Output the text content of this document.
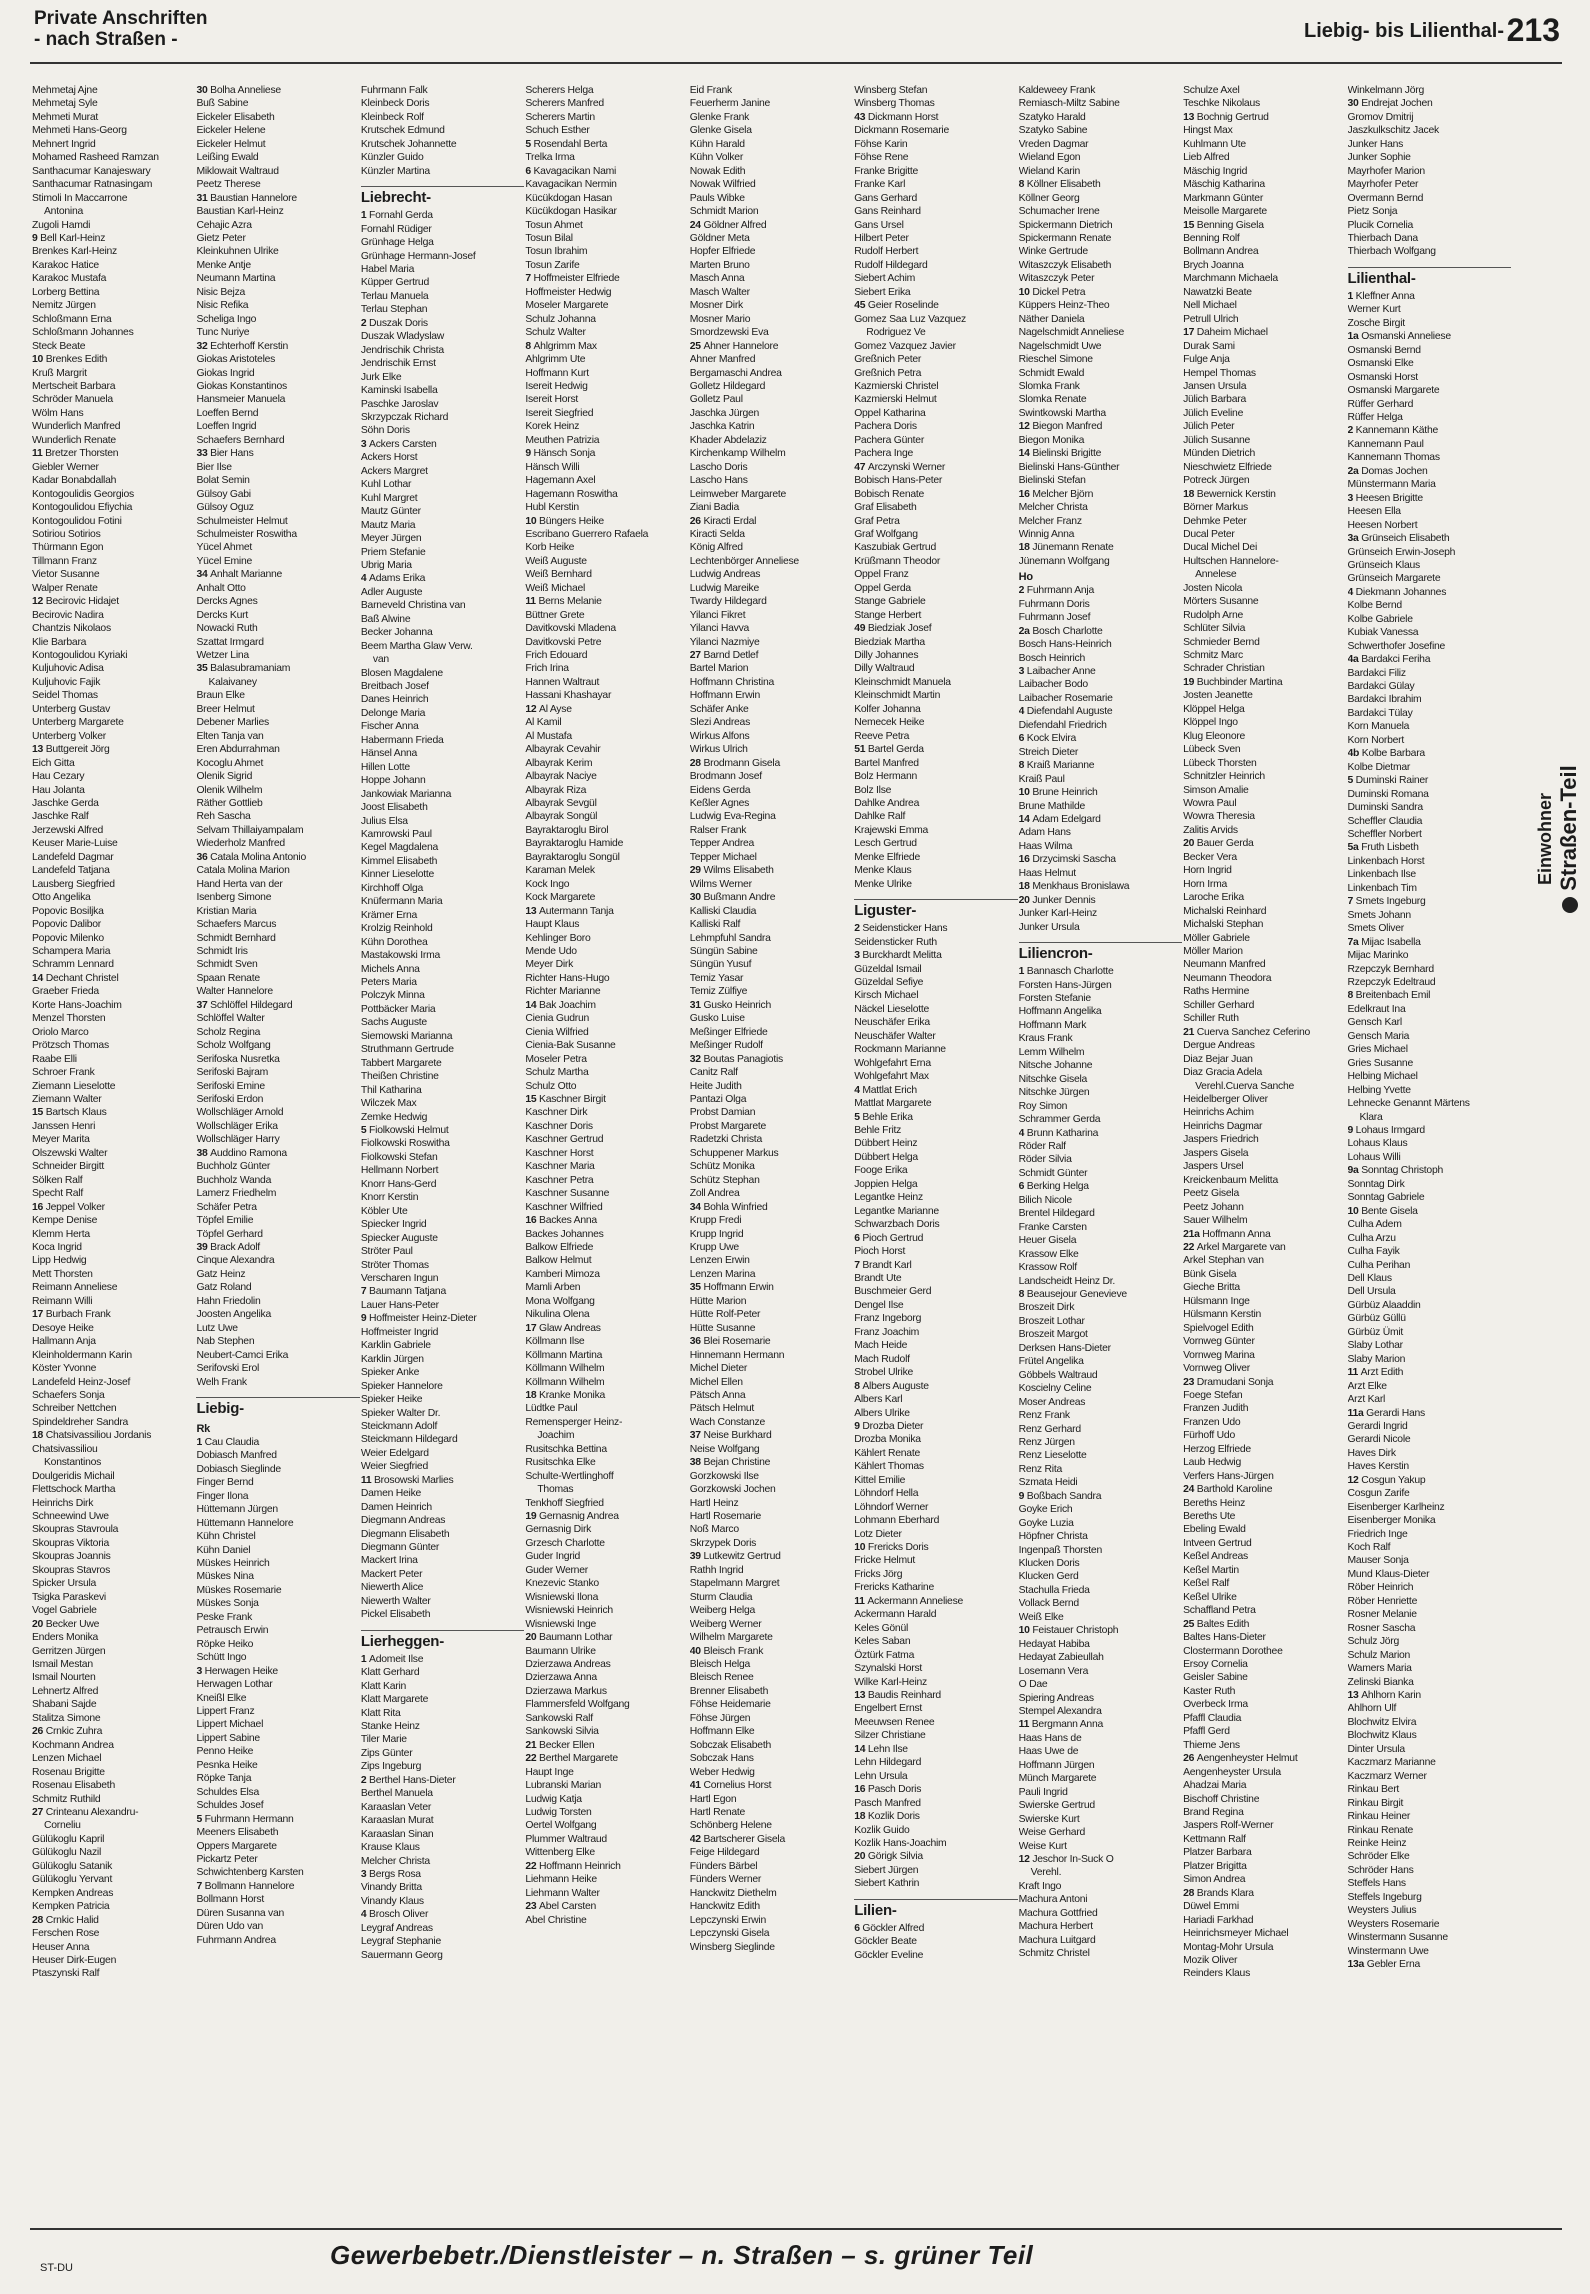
Private Anschriften
- nach Straßen -	Liebig- bis Lilienthal- 213
Mehmetaj Ajne
Mehmetaj Syle
Mehmeti Murat
Mehmeti Hans-Georg
Mehnert Ingrid
Mohamed Rasheed Ramzan
Santhacumar Kanajeswary
Santhacumar Ratnasingam
Stimoli In Maccarrone
Antonina
Zugoli Hamdi
9 Bell Karl-Heinz
Brenkes Karl-Heinz
Karakoc Hatice
Karakoc Mustafa
Lorberg Bettina
Nemitz Jürgen
Schloßmann Erna
Schloßmann Johannes
Steck Beate
10 Brenkes Edith
Kruß Margrit
Mertscheit Barbara
Schröder Manuela
Wölm Hans
Wunderlich Manfred
Wunderlich Renate
11 Bretzer Thorsten
Giebler Werner
Kadar Bonabdallah
Kontogoulidis Georgios
Kontogoulidou Efiychia
Kontogoulidou Fotini
Sotiriou Sotirios
Thürmann Egon
Tillmann Franz
Vietor Susanne
Walper Renate
12 Becirovic Hidajet
Becirovic Nadira
Chantzis Nikolaos
Klie Barbara
Kontogoulidou Kyriaki
Kuljuhovic Adisa
Kuljuhovic Fajik
Seidel Thomas
Unterberg Gustav
Unterberg Margarete
Unterberg Volker
13 Buttgereit Jörg
Eich Gitta
Hau Cezary
Hau Jolanta
Jaschke Gerda
Jaschke Ralf
Jerzewski Alfred
Keuser Marie-Luise
Landefeld Dagmar
Landefeld Tatjana
Lausberg Siegfried
Otto Angelika
Popovic Bosiljka
Popovic Dalibor
Popovic Milenko
Schampera Maria
Schramm Lennard
14 Dechant Christel
Graeber Frieda
Korte Hans-Joachim
Menzel Thorsten
Oriolo Marco
Prötzsch Thomas
Raabe Elli
Schroer Frank
Ziemann Lieselotte
Ziemann Walter
15 Bartsch Klaus
Janssen Henri
Meyer Marita
Olszewski Walter
Schneider Birgitt
Sölken Ralf
Specht Ralf
16 Jeppel Volker
Kempe Denise
Klemm Herta
Koca Ingrid
Lipp Hedwig
Mett Thorsten
Reimann Anneliese
Reimann Willi
17 Burbach Frank
Desoye Heike
Hallmann Anja
Kleinholdermann Karin
Köster Yvonne
Landefeld Heinz-Josef
Schaefers Sonja
Schreiber Nettchen
Spindeldreher Sandra
18 Chatsivassiliou Jordanis
Chatsivassiliou
Konstantinos
Doulgeridis Michail
Flettschock Martha
Heinrichs Dirk
Schneewind Uwe
Skoupras Stavroula
Skoupras Viktoria
Skoupras Joannis
Skoupras Stavros
Spicker Ursula
Tsigka Paraskevi
Vogel Gabriele
20 Becker Uwe
Enders Monika
Gerritzen Jürgen
Ismail Mestan
Ismail Nourten
Lehnertz Alfred
Shabani Sajde
Stalitza Simone
26 Crnkic Zuhra
Kochmann Andrea
Lenzen Michael
Rosenau Brigitte
Rosenau Elisabeth
Schmitz Ruthild
27 Crinteanu Alexandru-
Corneliu
Gülükoglu Kapril
Gülükoglu Nazil
Gülükoglu Satanik
Gülükoglu Yervant
Kempken Andreas
Kempken Patricia
28 Crnkic Halid
Ferschen Rose
Heuser Anna
Heuser Dirk-Eugen
Ptaszynski Ralf
30 Bolha Anneliese
Buß Sabine
Eickeler Elisabeth
Eickeler Helene
Eickeler Helmut
Leißing Ewald
Miklowait Waltraud
Peetz Therese
31 Baustian Hannelore
Baustian Karl-Heinz
Cehajic Azra
Gietz Peter
Kleinkuhnen Ulrike
Menke Antje
Neumann Martina
Nisic Bejza
Nisic Refika
Scheliga Ingo
Tunc Nuriye
32 Echterhoff Kerstin
Giokas Aristoteles
Giokas Ingrid
Giokas Konstantinos
Hansmeier Manuela
Loeffen Bernd
Loeffen Ingrid
Schaefers Bernhard
33 Bier Hans
Bier Ilse
Bolat Semin
Gülsoy Gabi
Gülsoy Oguz
Schulmeister Helmut
Schulmeister Roswitha
Yücel Ahmet
Yücel Emine
34 Anhalt Marianne
Anhalt Otto
Dercks Agnes
Dercks Kurt
Nowacki Ruth
Szattat Irmgard
Wetzer Lina
35 Balasubramaniam
Kalaivaney
Braun Elke
Breer Helmut
Debener Marlies
Elten Tanja van
Eren Abdurrahman
Kocoglu Ahmet
Olenik Sigrid
Olenik Wilhelm
Räther Gottlieb
Reh Sascha
Selvam Thillaiyampalam
Wiederholz Manfred
36 Catala Molina Antonio
Catala Molina Marion
Hand Herta van der
Isenberg Simone
Kristian Maria
Schaefers Marcus
Schmidt Bernhard
Schmidt Iris
Schmidt Sven
Spaan Renate
Walter Hannelore
37 Schlöffel Hildegard
Schlöffel Walter
Scholz Regina
Scholz Wolfgang
Serifoska Nusretka
Serifoski Bajram
Serifoski Emine
Serifoski Erdon
Wollschläger Arnold
Wollschläger Erika
Wollschläger Harry
38 Auddino Ramona
Buchholz Günter
Buchholz Wanda
Lamerz Friedhelm
Schäfer Petra
Töpfel Emilie
Töpfel Gerhard
39 Brack Adolf
Cinque Alexandra
Gatz Heinz
Gatz Roland
Hahn Friedolin
Joosten Angelika
Lutz Uwe
Nab Stephen
Neubert-Camci Erika
Serifovski Erol
Welh Frank
Liebig-
Rk
1 Cau Claudia
Dobiasch Manfred
Dobiasch Sieglinde
Finger Bernd
Finger Ilona
Hüttemann Jürgen
Hüttemann Hannelore
Kühn Christel
Kühn Daniel
Müskes Heinrich
Müskes Nina
Müskes Rosemarie
Müskes Sonja
Peske Frank
Petrausch Erwin
Röpke Heiko
Schütt Ingo
3 Herwagen Heike
Herwagen Lothar
Kneißl Elke
Lippert Franz
Lippert Michael
Lippert Sabine
Penno Heike
Pesnka Heike
Röpke Tanja
Schuldes Elsa
Schuldes Josef
5 Fuhrmann Hermann
Meeners Elisabeth
Oppers Margarete
Pickartz Peter
Schwichtenberg Karsten
7 Bollmann Hannelore
Bollmann Horst
Düren Susanna van
Düren Udo van
Fuhrmann Andrea
Fuhrmann Falk
Kleinbeck Doris
Kleinbeck Rolf
Krutschek Edmund
Krutschek Johannette
Künzler Guido
Künzler Martina
Liebrecht-
1 Fornahl Gerda
Fornahl Rüdiger
Grünhage Helga
Grünhage Hermann-Josef
Habel Maria
Küpper Gertrud
Terlau Manuela
Terlau Stephan
2 Duszak Doris
Duszak Wladyslaw
Jendrischik Christa
Jendrischik Ernst
Jurk Elke
Kaminski Isabella
Paschke Jaroslav
Skrzypczak Richard
Söhn Doris
3 Ackers Carsten
Ackers Horst
Ackers Margret
Kuhl Lothar
Kuhl Margret
Mautz Günter
Mautz Maria
Meyer Jürgen
Priem Stefanie
Ubrig Maria
4 Adams Erika
Adler Auguste
Barneveld Christina van
Baß Alwine
Becker Johanna
Beem Martha Glaw Verw.
van
Blosen Magdalene
Breitbach Josef
Danes Heinrich
Delonge Maria
Fischer Anna
Habermann Frieda
Hänsel Anna
Hillen Lotte
Hoppe Johann
Jankowiak Marianna
Joost Elisabeth
Julius Elsa
Kamrowski Paul
Kegel Magdalena
Kimmel Elisabeth
Kinner Lieselotte
Kirchhoff Olga
Knüfermann Maria
Krämer Erna
Krolzig Reinhold
Kühn Dorothea
Mastakowski Irma
Michels Anna
Peters Maria
Polczyk Minna
Pottbäcker Maria
Sachs Auguste
Siemowski Marianna
Struthmann Gertrude
Tabbert Margarete
Theißen Christine
Thil Katharina
Wilczek Max
Zemke Hedwig
5 Fiolkowski Helmut
Fiolkowski Roswitha
Fiolkowski Stefan
Hellmann Norbert
Knorr Hans-Gerd
Knorr Kerstin
Köbler Ute
Spiecker Ingrid
Spiecker Auguste
Ströter Paul
Ströter Thomas
Verscharen Ingun
7 Baumann Tatjana
Lauer Hans-Peter
9 Hoffmeister Heinz-Dieter
Hoffmeister Ingrid
Karklin Gabriele
Karklin Jürgen
Spieker Anke
Spieker Hannelore
Spieker Heike
Spieker Walter Dr.
Steickmann Adolf
Steickmann Hildegard
Weier Edelgard
Weier Siegfried
11 Brosowski Marlies
Damen Heike
Damen Heinrich
Diegmann Andreas
Diegmann Elisabeth
Diegmann Günter
Mackert Irina
Mackert Peter
Niewerth Alice
Niewerth Walter
Pickel Elisabeth
Lierheggen-
1 Adomeit Ilse
Klatt Gerhard
Klatt Karin
Klatt Margarete
Klatt Rita
Stanke Heinz
Tiler Marie
Zips Günter
Zips Ingeburg
2 Berthel Hans-Dieter
Berthel Manuela
Karaaslan Veter
Karaaslan Murat
Karaaslan Sinan
Krause Klaus
Melcher Christa
3 Bergs Rosa
Vinandy Britta
Vinandy Klaus
4 Brosch Oliver
Leygraf Andreas
Leygraf Stephanie
Sauermann Georg
Scherers Helga
Scherers Manfred
Scherers Martin
Schuch Esther
5 Rosendahl Berta
Trelka Irma
6 Kavagacikan Nami
Kavagacikan Nermin
Kücükdogan Hasan
Kücükdogan Hasikar
Tosun Ahmet
Tosun Bilal
Tosun Ibrahim
Tosun Zarife
7 Hoffmeister Elfriede
Hoffmeister Hedwig
Moseler Margarete
Schulz Johanna
Schulz Walter
8 Ahlgrimm Max
Ahlgrimm Ute
Hoffmann Kurt
Isereit Hedwig
Isereit Horst
Isereit Siegfried
Korek Heinz
Meuthen Patrizia
9 Hänsch Sonja
Hänsch Willi
Hagemann Axel
Hagemann Roswitha
Hubl Kerstin
10 Büngers Heike
Escribano Guerrero Rafaela
Korb Heike
Weiß Auguste
Weiß Bernhard
Weiß Michael
11 Berns Melanie
Büttner Grete
Davitkovski Mladena
Davitkovski Petre
Frich Edouard
Frich Irina
Hannen Waltraut
Hassani Khashayar
12 Al Ayse
Al Kamil
Al Mustafa
Albayrak Cevahir
Albayrak Kerim
Albayrak Naciye
Albayrak Riza
Albayrak Sevgül
Albayrak Songül
Bayraktaroglu Birol
Bayraktaroglu Hamide
Bayraktaroglu Songül
Karaman Melek
Kock Ingo
Kock Margarete
13 Autermann Tanja
Haupt Klaus
Kehlinger Boro
Mende Udo
Meyer Dirk
Richter Hans-Hugo
Richter Marianne
14 Bak Joachim
Cienia Gudrun
Cienia Wilfried
Cienia-Bak Susanne
Moseler Petra
Schulz Martha
Schulz Otto
15 Kaschner Birgit
Kaschner Dirk
Kaschner Doris
Kaschner Gertrud
Kaschner Horst
Kaschner Maria
Kaschner Petra
Kaschner Susanne
Kaschner Wilfried
16 Backes Anna
Backes Johannes
Balkow Elfriede
Balkow Helmut
Kamberi Mimoza
Mamli Arben
Mona Wolfgang
Nikulina Olena
17 Glaw Andreas
Köllmann Ilse
Köllmann Martina
Köllmann Wilhelm
Köllmann Wilhelm
18 Kranke Monika
Lüdtke Paul
Remensperger Heinz-
Joachim
Rusitschka Bettina
Rusitschka Elke
Schulte-Wertlinghoff
Thomas
Tenkhoff Siegfried
19 Gernasnig Andrea
Gernasnig Dirk
Grzesch Charlotte
Guder Ingrid
Guder Werner
Knezevic Stanko
Wisniewski Ilona
Wisniewski Heinrich
Wisniewski Inge
20 Baumann Lothar
Baumann Ulrike
Dzierzawa Andreas
Dzierzawa Anna
Dzierzawa Markus
Flammersfeld Wolfgang
Sankowski Ralf
Sankowski Silvia
21 Becker Ellen
22 Berthel Margarete
Haupt Inge
Lubranski Marian
Ludwig Katja
Ludwig Torsten
Oertel Wolfgang
Plummer Waltraud
Wittenberg Elke
22 Hoffmann Heinrich
Liehmann Heike
Liehmann Walter
23 Abel Carsten
Abel Christine
Eid Frank
Feuerherm Janine
Glenke Frank
Glenke Gisela
Kühn Harald
Kühn Volker
Nowak Edith
Nowak Wilfried
Pauls Wibke
Schmidt Marion
24 Göldner Alfred
Göldner Meta
Hopfer Elfriede
Marten Bruno
Masch Anna
Masch Walter
Mosner Dirk
Mosner Mario
Smordzewski Eva
25 Ahner Hannelore
Ahner Manfred
Bergamaschi Andrea
Golletz Hildegard
Golletz Paul
Jaschka Jürgen
Jaschka Katrin
Khader Abdelaziz
Kirchenkamp Wilhelm
Lascho Doris
Lascho Hans
Leimweber Margarete
Ziani Badia
26 Kiracti Erdal
Kiracti Selda
König Alfred
Lechtenbörger Anneliese
Ludwig Andreas
Ludwig Mareike
Twardy Hildegard
Yilanci Fikret
Yilanci Havva
Yilanci Nazmiye
27 Barnd Detlef
Bartel Marion
Hoffmann Christina
Hoffmann Erwin
Schäfer Anke
Slezi Andreas
Wirkus Alfons
Wirkus Ulrich
28 Brodmann Gisela
Brodmann Josef
Eidens Gerda
Keßler Agnes
Ludwig Eva-Regina
Ralser Frank
Tepper Andrea
Tepper Michael
29 Wilms Elisabeth
Wilms Werner
30 Bußmann Andre
Kalliski Claudia
Kalliski Ralf
Lehmpfuhl Sandra
Süngün Sabine
Süngün Yusuf
Temiz Yasar
Temiz Zülfiye
31 Gusko Heinrich
Gusko Luise
Meßinger Elfriede
Meßinger Rudolf
32 Boutas Panagiotis
Canitz Ralf
Heite Judith
Pantazi Olga
Probst Damian
Probst Margarete
Radetzki Christa
Schuppener Markus
Schütz Monika
Schütz Stephan
Zoll Andrea
34 Bohla Winfried
Krupp Fredi
Krupp Ingrid
Krupp Uwe
Lenzen Erwin
Lenzen Marina
35 Hoffmann Erwin
Hütte Marion
Hütte Rolf-Peter
Hütte Susanne
36 Blei Rosemarie
Hinnemann Hermann
Michel Dieter
Michel Ellen
Pätsch Anna
Pätsch Helmut
Wach Constanze
37 Neise Burkhard
Neise Wolfgang
38 Bejan Christine
Gorzkowski Ilse
Gorzkowski Jochen
Hartl Heinz
Hartl Rosemarie
Noß Marco
Skrzypek Doris
39 Lutkewitz Gertrud
Rathh Ingrid
Stapelmann Margret
Sturm Claudia
Weiberg Helga
Weiberg Werner
Wilhelm Margarete
40 Bleisch Frank
Bleisch Helga
Bleisch Renee
Brenner Elisabeth
Föhse Heidemarie
Föhse Jürgen
Hoffmann Elke
Sobczak Elisabeth
Sobczak Hans
Weber Hedwig
41 Cornelius Horst
Hartl Egon
Hartl Renate
Schönberg Helene
42 Bartscherer Gisela
Feige Hildegard
Fünders Bärbel
Fünders Werner
Hanckwitz Diethelm
Hanckwitz Edith
Lepczynski Erwin
Lepczynski Gisela
Winsberg Sieglinde
Winsberg Stefan
Winsberg Thomas
43 Dickmann Horst
Dickmann Rosemarie
Föhse Karin
Föhse Rene
Franke Brigitte
Franke Karl
Gans Gerhard
Gans Reinhard
Gans Ursel
Hilbert Peter
Rudolf Herbert
Rudolf Hildegard
Siebert Achim
Siebert Erika
45 Geier Roselinde
Gomez Saa Luz Vazquez
Rodriguez Ve
Gomez Vazquez Javier
Greßnich Peter
Greßnich Petra
Kazmierski Christel
Kazmierski Helmut
Oppel Katharina
Pachera Doris
Pachera Günter
Pachera Inge
47 Arczynski Werner
Bobisch Hans-Peter
Bobisch Renate
Graf Elisabeth
Graf Petra
Graf Wolfgang
Kaszubiak Gertrud
Krüßmann Theodor
Oppel Franz
Oppel Gerda
Stange Gabriele
Stange Herbert
49 Biedziak Josef
Biedziak Martha
Dilly Johannes
Dilly Waltraud
Kleinschmidt Manuela
Kleinschmidt Martin
Kolfer Johanna
Nemecek Heike
Reeve Petra
51 Bartel Gerda
Bartel Manfred
Bolz Hermann
Bolz Ilse
Dahlke Andrea
Dahlke Ralf
Krajewski Emma
Lesch Gertrud
Menke Elfriede
Menke Klaus
Menke Ulrike
Liguster-
2 Seidensticker Hans
Seidensticker Ruth
3 Burckhardt Melitta
Güzeldal Ismail
Güzeldal Sefiye
Kirsch Michael
Näckel Lieselotte
Neuschäfer Erika
Neuschäfer Walter
Rockmann Marianne
Wohlgefahrt Erna
Wohlgefahrt Max
4 Mattlat Erich
Mattlat Margarete
5 Behle Erika
Behle Fritz
Dübbert Heinz
Dübbert Helga
Fooge Erika
Joppien Helga
Legantke Heinz
Legantke Marianne
Schwarzbach Doris
6 Pioch Gertrud
Pioch Horst
7 Brandt Karl
Brandt Ute
Buschmeier Gerd
Dengel Ilse
Franz Ingeborg
Franz Joachim
Mach Heide
Mach Rudolf
Strobel Ulrike
8 Albers Auguste
Albers Karl
Albers Ulrike
9 Drozba Dieter
Drozba Monika
Kählert Renate
Kählert Thomas
Kittel Emilie
Löhndorf Hella
Löhndorf Werner
Lohmann Eberhard
Lotz Dieter
10 Frericks Doris
Fricke Helmut
Fricks Jörg
Frericks Katharine
11 Ackermann Anneliese
Ackermann Harald
Keles Gönül
Keles Saban
Öztürk Fatma
Szynalski Horst
Wilke Karl-Heinz
13 Baudis Reinhard
Engelbert Ernst
Meeuwsen Renee
Silzer Christiane
14 Lehn Ilse
Lehn Hildegard
Lehn Ursula
16 Pasch Doris
Pasch Manfred
18 Kozlik Doris
Kozlik Guido
Kozlik Hans-Joachim
20 Görigk Silvia
Siebert Jürgen
Siebert Kathrin
Lilien-
6 Göckler Alfred
Göckler Beate
Göckler Eveline
Kaldeweey Frank
Remiasch-Miltz Sabine
Szatyko Harald
Szatyko Sabine
Vreden Dagmar
Wieland Egon
Wieland Karin
8 Köllner Elisabeth
Köllner Georg
Schumacher Irene
Spickermann Dietrich
Spickermann Renate
Winke Gertrude
Witaszczyk Elisabeth
Witaszczyk Peter
10 Dickel Petra
Küppers Heinz-Theo
Näther Daniela
Nagelschmidt Anneliese
Nagelschmidt Uwe
Rieschel Simone
Schmidt Ewald
Slomka Frank
Slomka Renate
Swintkowski Martha
12 Biegon Manfred
Biegon Monika
14 Bielinski Brigitte
Bielinski Hans-Günther
Bielinski Stefan
16 Melcher Björn
Melcher Christa
Melcher Franz
Winnig Anna
18 Jünemann Renate
Jünemann Wolfgang
Ho
2 Fuhrmann Anja
Fuhrmann Doris
Fuhrmann Josef
2a Bosch Charlotte
Bosch Hans-Heinrich
Bosch Heinrich
3 Laibacher Anne
Laibacher Bodo
Laibacher Rosemarie
4 Diefendahl Auguste
Diefendahl Friedrich
6 Kock Elvira
Streich Dieter
8 Kraiß Marianne
Kraiß Paul
10 Brune Heinrich
Brune Mathilde
14 Adam Edelgard
Adam Hans
Haas Wilma
16 Drzycimski Sascha
Haas Helmut
18 Menkhaus Bronislawa
20 Junker Dennis
Junker Karl-Heinz
Junker Ursula
Liliencron-
1 Bannasch Charlotte
Forsten Hans-Jürgen
Forsten Stefanie
Hoffmann Angelika
Hoffmann Mark
Kraus Frank
Lemm Wilhelm
Nitsche Johanne
Nitschke Gisela
Nitschke Jürgen
Roy Simon
Schrammer Gerda
4 Brunn Katharina
Röder Ralf
Röder Silvia
Schmidt Günter
6 Berking Helga
Bilich Nicole
Brentel Hildegard
Franke Carsten
Heuer Gisela
Krassow Elke
Krassow Rolf
Landscheidt Heinz Dr.
8 Beausejour Genevieve
Broszeit Dirk
Broszeit Lothar
Broszeit Margot
Derksen Hans-Dieter
Frütel Angelika
Göbbels Waltraud
Koscielny Celine
Moser Andreas
Renz Frank
Renz Gerhard
Renz Jürgen
Renz Lieselotte
Renz Rita
Szmata Heidi
9 Boßbach Sandra
Goyke Erich
Goyke Luzia
Höpfner Christa
Ingenpaß Thorsten
Klucken Doris
Klucken Gerd
Stachulla Frieda
Vollack Bernd
Weiß Elke
10 Feistauer Christoph
Hedayat Habiba
Hedayat Zabieullah
Losemann Vera
O Dae
Spiering Andreas
Stempel Alexandra
11 Bergmann Anna
Haas Hans de
Haas Uwe de
Hoffmann Jürgen
Münch Margarete
Pauli Ingrid
Swierske Gertrud
Swierske Kurt
Weise Gerhard
Weise Kurt
12 Jeschor In-Suck O
Verehl.
Kraft Ingo
Machura Antoni
Machura Gottfried
Machura Herbert
Machura Luitgard
Schmitz Christel
Schulze Axel
Teschke Nikolaus
13 Bochnig Gertrud
Hingst Max
Kuhlmann Ute
Lieb Alfred
Mäschig Ingrid
Mäschig Katharina
Markmann Günter
Meisolle Margarete
15 Benning Gisela
Benning Rolf
Bollmann Andrea
Brych Joanna
Marchmann Michaela
Nawatzki Beate
Nell Michael
Petrull Ulrich
17 Daheim Michael
Durak Sami
Fulge Anja
Hempel Thomas
Jansen Ursula
Jülich Barbara
Jülich Eveline
Jülich Peter
Jülich Susanne
Münden Dietrich
Nieschwietz Elfriede
Potreck Jürgen
18 Bewernick Kerstin
Börner Markus
Dehmke Peter
Ducal Peter
Ducal Michel Dei
Hultschen Hannelore-
Annelese
Josten Nicola
Mörters Susanne
Rudolph Arne
Schlüter Silvia
Schmieder Bernd
Schmitz Marc
Schrader Christian
19 Buchbinder Martina
Josten Jeanette
Klöppel Helga
Klöppel Ingo
Klug Eleonore
Lübeck Sven
Lübeck Thorsten
Schnitzler Heinrich
Simson Amalie
Wowra Paul
Wowra Theresia
Zalitis Arvids
20 Bauer Gerda
Becker Vera
Horn Ingrid
Horn Irma
Laroche Erika
Michalski Reinhard
Michalski Stephan
Möller Gabriele
Möller Marion
Neumann Manfred
Neumann Theodora
Raths Hermine
Schiller Gerhard
Schiller Ruth
21 Cuerva Sanchez Ceferino
Dergue Andreas
Diaz Bejar Juan
Diaz Gracia Adela
Verehl.Cuerva Sanche
Heidelberger Oliver
Heinrichs Achim
Heinrichs Dagmar
Jaspers Friedrich
Jaspers Gisela
Jaspers Ursel
Kreickenbaum Melitta
Peetz Gisela
Peetz Johann
Sauer Wilhelm
21a Hoffmann Anna
22 Arkel Margarete van
Arkel Stephan van
Bünk Gisela
Gieche Britta
Hülsmann Inge
Hülsmann Kerstin
Spielvogel Edith
Vornweg Günter
Vornweg Marina
Vornweg Oliver
23 Dramudani Sonja
Foege Stefan
Franzen Judith
Franzen Udo
Fürhoff Udo
Herzog Elfriede
Laub Hedwig
Verfers Hans-Jürgen
24 Barthold Karoline
Bereths Heinz
Bereths Ute
Ebeling Ewald
Intveen Gertrud
Keßel Andreas
Keßel Martin
Keßel Ralf
Keßel Ulrike
Schaffland Petra
25 Baltes Edith
Baltes Hans-Dieter
Clostermann Dorothee
Ersoy Cornelia
Geisler Sabine
Kaster Ruth
Overbeck Irma
Pfaffl Claudia
Pfaffl Gerd
Thieme Jens
26 Aengenheyster Helmut
Aengenheyster Ursula
Ahadzai Maria
Bischoff Christine
Brand Regina
Jaspers Rolf-Werner
Kettmann Ralf
Platzer Barbara
Platzer Brigitta
Simon Andrea
28 Brands Klara
Düwel Emmi
Hariadi Farkhad
Heinrichsmeyer Michael
Montag-Mohr Ursula
Mozik Oliver
Reinders Klaus
Winkelmann Jörg
30 Endrejat Jochen
Gromov Dmitrij
Jaszkulkschitz Jacek
Junker Hans
Junker Sophie
Mayrhofer Marion
Mayrhofer Peter
Overmann Bernd
Pietz Sonja
Plucik Cornelia
Thierbach Dana
Thierbach Wolfgang
Lilienthal-
1 Kleffner Anna
Werner Kurt
Zosche Birgit
1a Osmanski Anneliese
Osmanski Bernd
Osmanski Elke
Osmanski Horst
Osmanski Margarete
Rüffer Gerhard
Rüffer Helga
2 Kannemann Käthe
Kannemann Paul
Kannemann Thomas
2a Domas Jochen
Münstermann Maria
3 Heesen Brigitte
Heesen Ella
Heesen Norbert
3a Grünseich Elisabeth
Grünseich Erwin-Joseph
Grünseich Klaus
Grünseich Margarete
4 Diekmann Johannes
Kolbe Bernd
Kolbe Gabriele
Kubiak Vanessa
Schwerthofer Josefine
4a Bardakci Feriha
Bardakci Filiz
Bardakci Gülay
Bardakci Ibrahim
Bardakci Tülay
Korn Manuela
Korn Norbert
4b Kolbe Barbara
Kolbe Dietmar
5 Duminski Rainer
Duminski Romana
Duminski Sandra
Scheffler Claudia
Scheffler Norbert
5a Fruth Lisbeth
Linkenbach Horst
Linkenbach Ilse
Linkenbach Tim
7 Smets Ingeburg
Smets Johann
Smets Oliver
7a Mijac Isabella
Mijac Marinko
Rzepczyk Bernhard
Rzepczyk Edeltraud
8 Breitenbach Emil
Edelkraut Ina
Gensch Karl
Gensch Maria
Gries Michael
Gries Susanne
Helbing Michael
Helbing Yvette
Lehnecke Genannt Märtens
Klara
9 Lohaus Irmgard
Lohaus Klaus
Lohaus Willi
9a Sonntag Christoph
Sonntag Dirk
Sonntag Gabriele
10 Bente Gisela
Culha Adem
Culha Arzu
Culha Fayik
Culha Perihan
Dell Klaus
Dell Ursula
Gürbüz Alaaddin
Gürbüz Güllü
Gürbüz Ümit
Slaby Lothar
Slaby Marion
11 Arzt Edith
Arzt Elke
Arzt Karl
11a Gerardi Hans
Gerardi Ingrid
Gerardi Nicole
Haves Dirk
Haves Kerstin
12 Cosgun Yakup
Cosgun Zarife
Eisenberger Karlheinz
Eisenberger Monika
Friedrich Inge
Koch Ralf
Mauser Sonja
Mund Klaus-Dieter
Röber Heinrich
Röber Henriette
Rosner Melanie
Rosner Sascha
Schulz Jörg
Schulz Marion
Wamers Maria
Zelinski Bianka
13 Ahlhorn Karin
Ahlhorn Ulf
Blochwitz Elvira
Blochwitz Klaus
Dinter Ursula
Kaczmarz Marianne
Kaczmarz Werner
Rinkau Bert
Rinkau Birgit
Rinkau Heiner
Rinkau Renate
Reinke Heinz
Schröder Elke
Schröder Hans
Steffels Hans
Steffels Ingeburg
Weysters Julius
Weysters Rosemarie
Winstermann Susanne
Winstermann Uwe
13a Gebler Erna
Einwohner Straßen-Teil
ST-DU	Gewerbebetr./Dienstleister – n. Straßen – s. grüner Teil
